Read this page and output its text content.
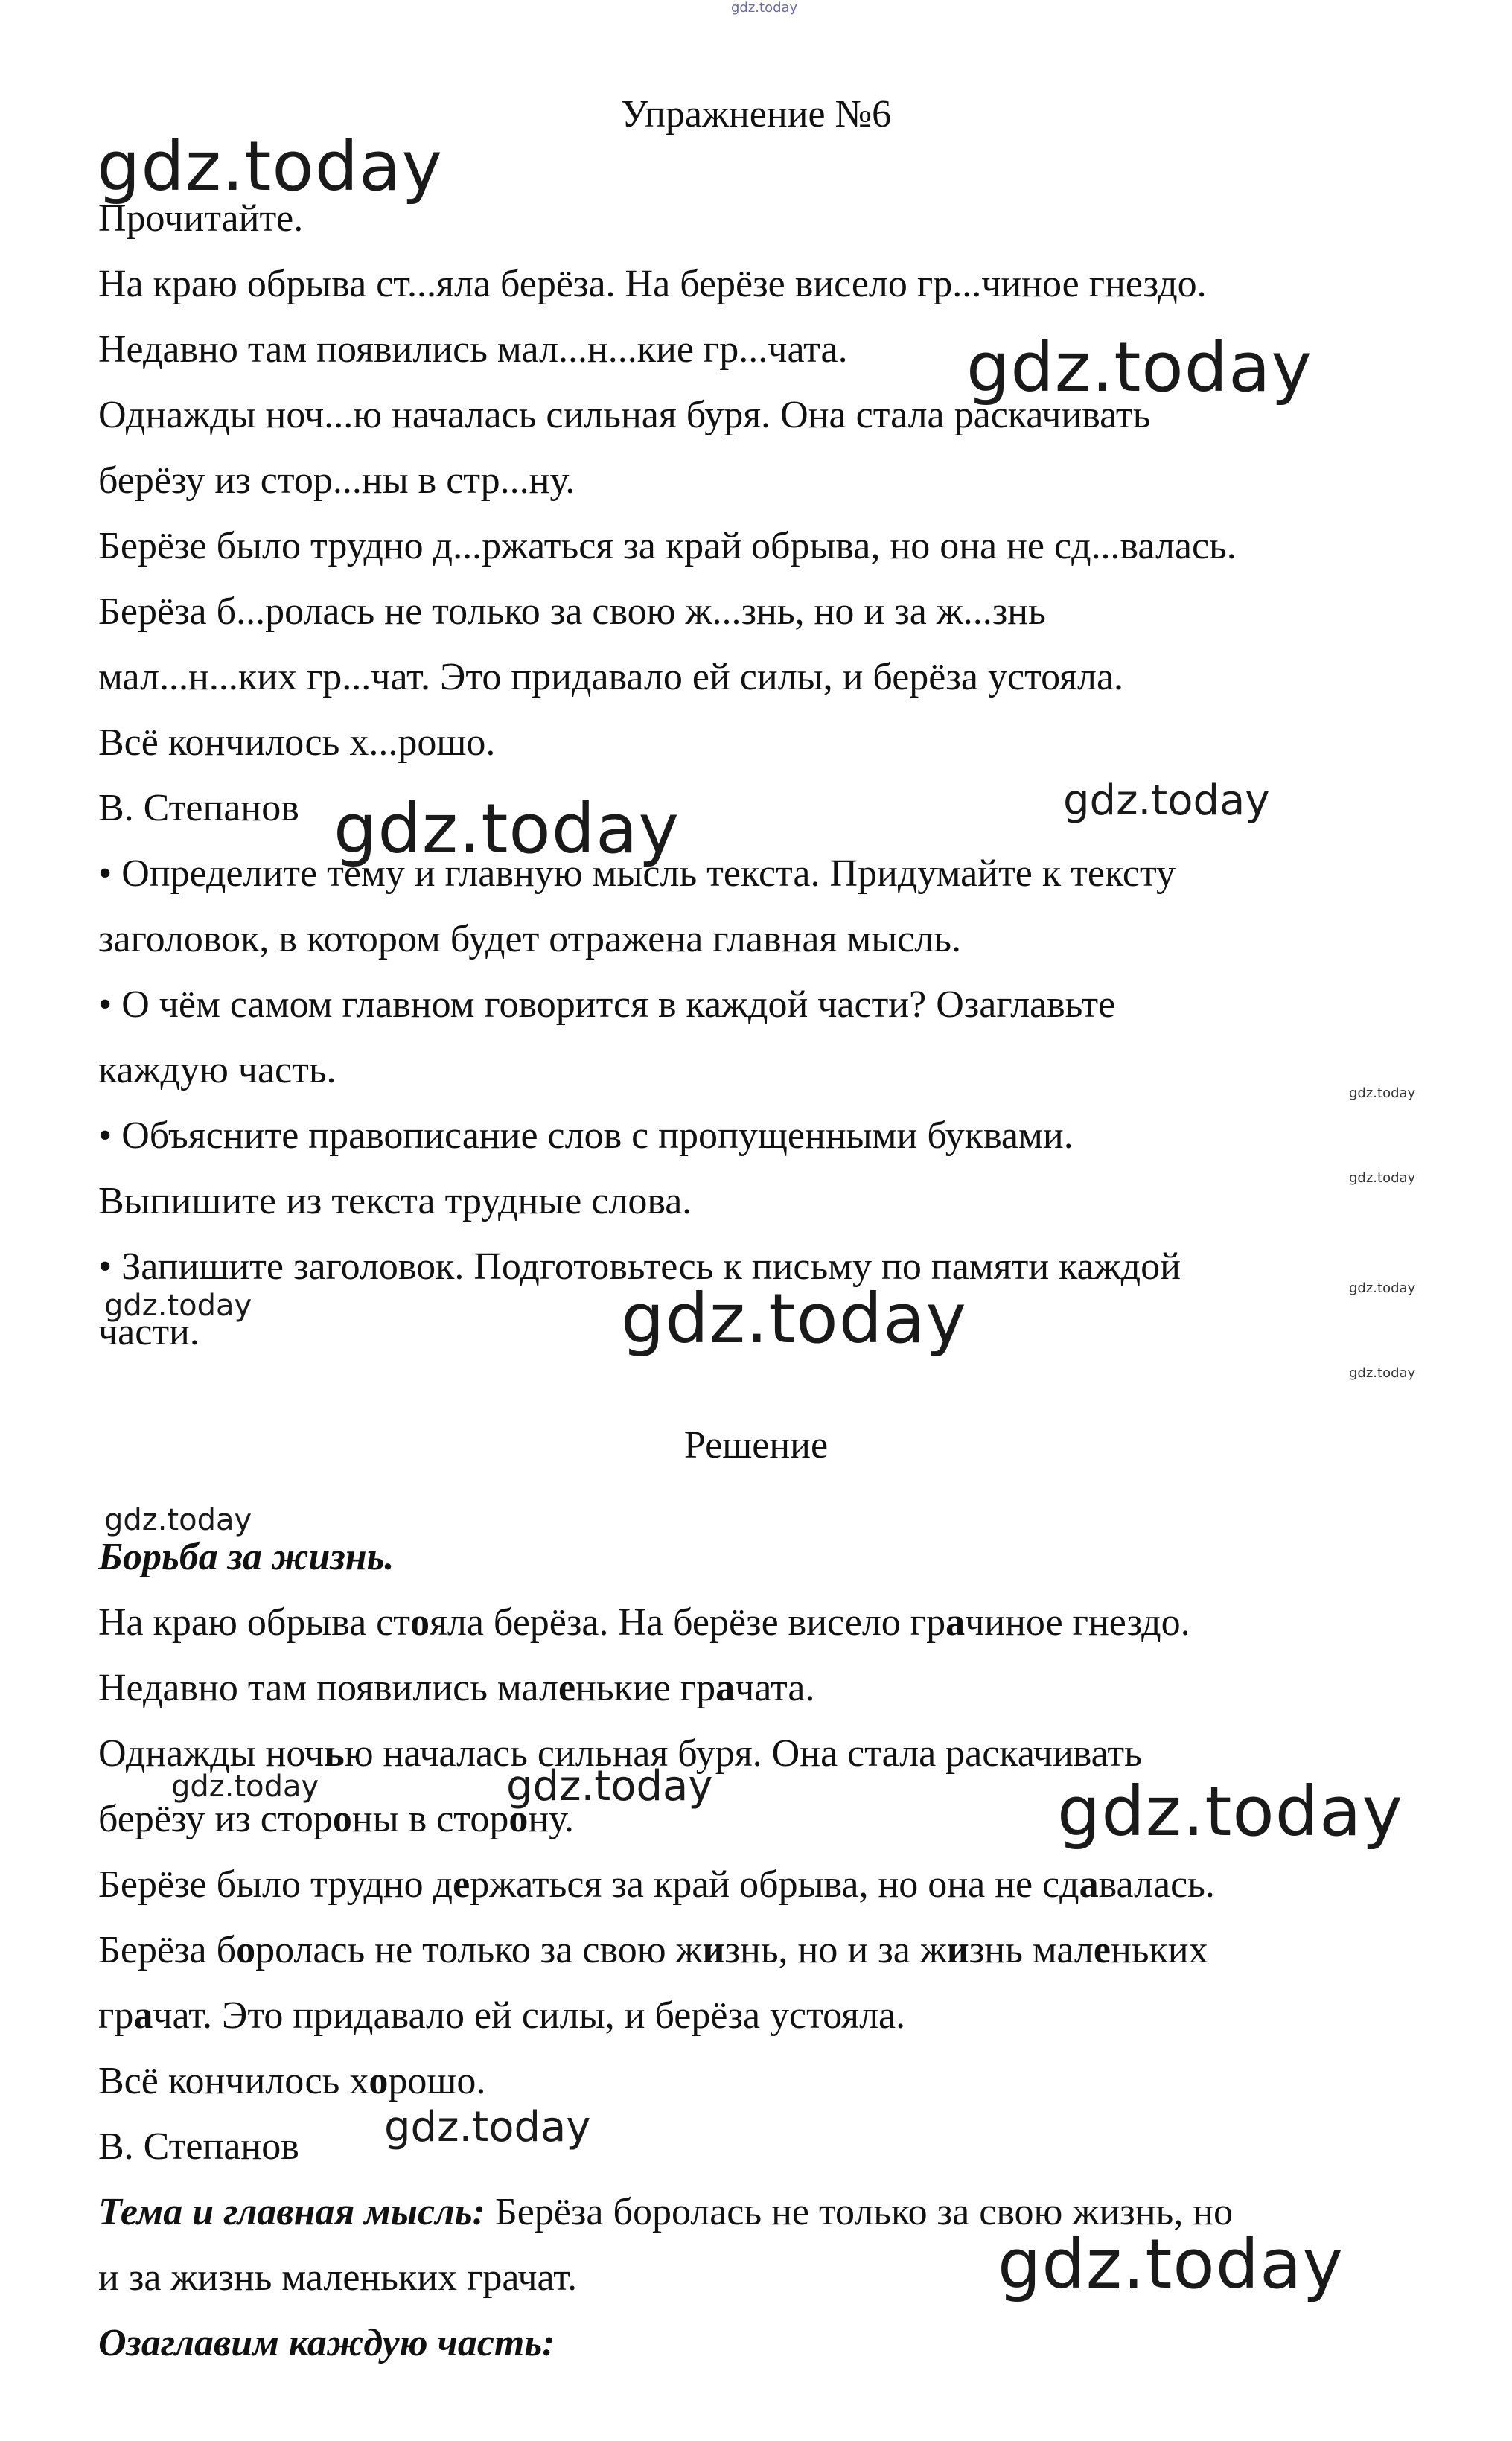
gdz.today
gdz.today
gdz.today
gdz.today	gdz.today
gdz.today
gdz.today
gdz.today	gdz.today	gdz.today
gdz.today
gdz.today
gdz.today	gdz.today	gdz.today
gdz.today
gdz.today
Упражнение №6
Прочитайте.
На краю обрыва ст...яла берёза. На берёзе висело гр...чиное гнездо.
Недавно там появились мал...н...кие гр...чата.
Однажды ноч...ю началась сильная буря. Она стала раскачивать
берёзу из стор...ны в стр...ну.
Берёзе было трудно д...ржаться за край обрыва, но она не сд...валась.
Берёза б...ролась не только за свою ж...знь, но и за ж...знь
мал...н...ких гр...чат. Это придавало ей силы, и берёза устояла.
Всё кончилось х...рошо.
В. Степанов
• Определите тему и главную мысль текста. Придумайте к тексту
заголовок, в котором будет отражена главная мысль.
• О чём самом главном говорится в каждой части? Озаглавьте
каждую часть.
• Объясните правописание слов с пропущенными буквами.
Выпишите из текста трудные слова.
• Запишите заголовок. Подготовьтесь к письму по памяти каждой
части.
Решение
Борьба за жизнь.
На краю обрыва стояла берёза. На берёзе висело грачиное гнездо.
Недавно там появились маленькие грачата.
Однажды ночью началась сильная буря. Она стала раскачивать
берёзу из стороны в сторону.
Берёзе было трудно держаться за край обрыва, но она не сдавалась.
Берёза боролась не только за свою жизнь, но и за жизнь маленьких
грачат. Это придавало ей силы, и берёза устояла.
Всё кончилось хорошо.
В. Степанов
Тема и главная мысль: Берёза боролась не только за свою жизнь, но
и за жизнь маленьких грачат.
Озаглавим каждую часть:
